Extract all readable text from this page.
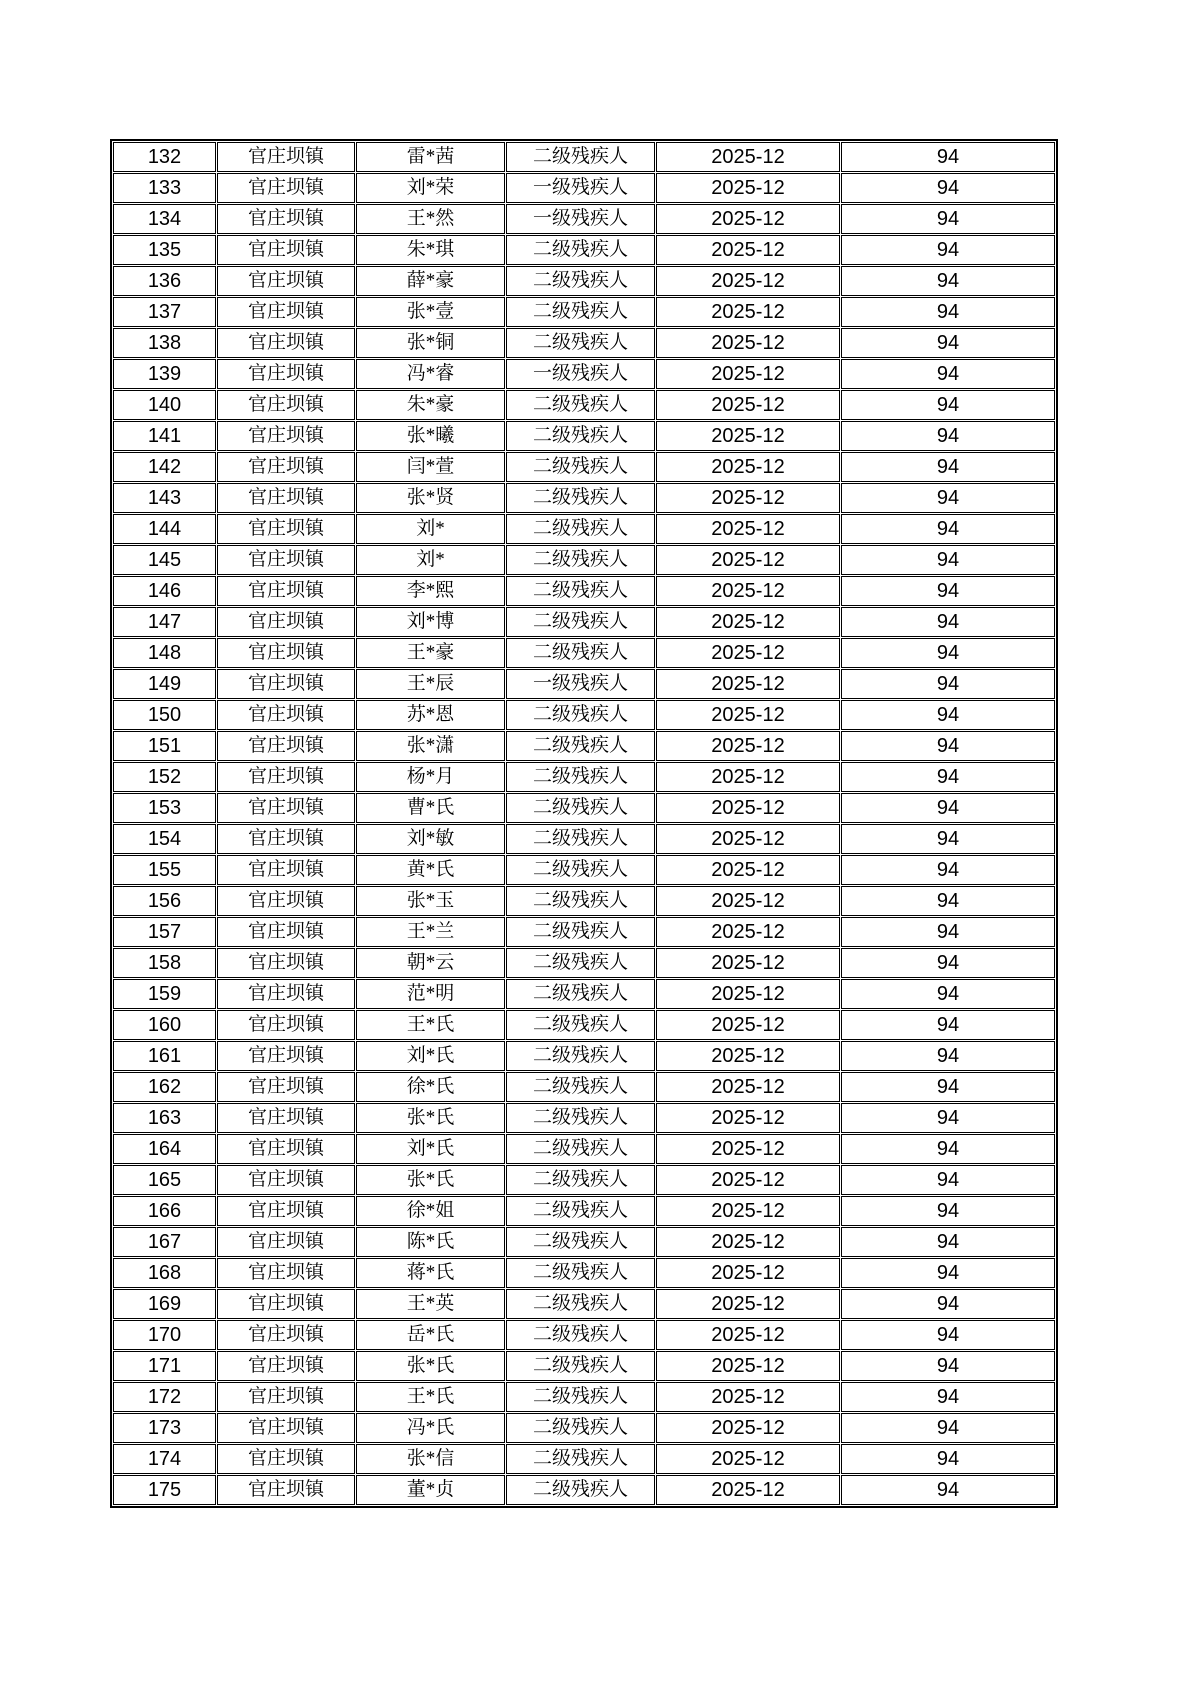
132	官庄坝镇	雷*茜	二级残疾人	2025-12	94
133	官庄坝镇	刘*荣	一级残疾人	2025-12	94
134	官庄坝镇	王*然	一级残疾人	2025-12	94
135	官庄坝镇	朱*琪	二级残疾人	2025-12	94
136	官庄坝镇	薛*豪	二级残疾人	2025-12	94
137	官庄坝镇	张*壹	二级残疾人	2025-12	94
138	官庄坝镇	张*铜	二级残疾人	2025-12	94
139	官庄坝镇	冯*睿	一级残疾人	2025-12	94
140	官庄坝镇	朱*豪	二级残疾人	2025-12	94
141	官庄坝镇	张*曦	二级残疾人	2025-12	94
142	官庄坝镇	闫*萱	二级残疾人	2025-12	94
143	官庄坝镇	张*贤	二级残疾人	2025-12	94
144	官庄坝镇	刘*	二级残疾人	2025-12	94
145	官庄坝镇	刘*	二级残疾人	2025-12	94
146	官庄坝镇	李*熙	二级残疾人	2025-12	94
147	官庄坝镇	刘*博	二级残疾人	2025-12	94
148	官庄坝镇	王*豪	二级残疾人	2025-12	94
149	官庄坝镇	王*辰	一级残疾人	2025-12	94
150	官庄坝镇	苏*恩	二级残疾人	2025-12	94
151	官庄坝镇	张*潇	二级残疾人	2025-12	94
152	官庄坝镇	杨*月	二级残疾人	2025-12	94
153	官庄坝镇	曹*氏	二级残疾人	2025-12	94
154	官庄坝镇	刘*敏	二级残疾人	2025-12	94
155	官庄坝镇	黄*氏	二级残疾人	2025-12	94
156	官庄坝镇	张*玉	二级残疾人	2025-12	94
157	官庄坝镇	王*兰	二级残疾人	2025-12	94
158	官庄坝镇	朝*云	二级残疾人	2025-12	94
159	官庄坝镇	范*明	二级残疾人	2025-12	94
160	官庄坝镇	王*氏	二级残疾人	2025-12	94
161	官庄坝镇	刘*氏	二级残疾人	2025-12	94
162	官庄坝镇	徐*氏	二级残疾人	2025-12	94
163	官庄坝镇	张*氏	二级残疾人	2025-12	94
164	官庄坝镇	刘*氏	二级残疾人	2025-12	94
165	官庄坝镇	张*氏	二级残疾人	2025-12	94
166	官庄坝镇	徐*姐	二级残疾人	2025-12	94
167	官庄坝镇	陈*氏	二级残疾人	2025-12	94
168	官庄坝镇	蒋*氏	二级残疾人	2025-12	94
169	官庄坝镇	王*英	二级残疾人	2025-12	94
170	官庄坝镇	岳*氏	二级残疾人	2025-12	94
171	官庄坝镇	张*氏	二级残疾人	2025-12	94
172	官庄坝镇	王*氏	二级残疾人	2025-12	94
173	官庄坝镇	冯*氏	二级残疾人	2025-12	94
174	官庄坝镇	张*信	二级残疾人	2025-12	94
175	官庄坝镇	董*贞	二级残疾人	2025-12	94
